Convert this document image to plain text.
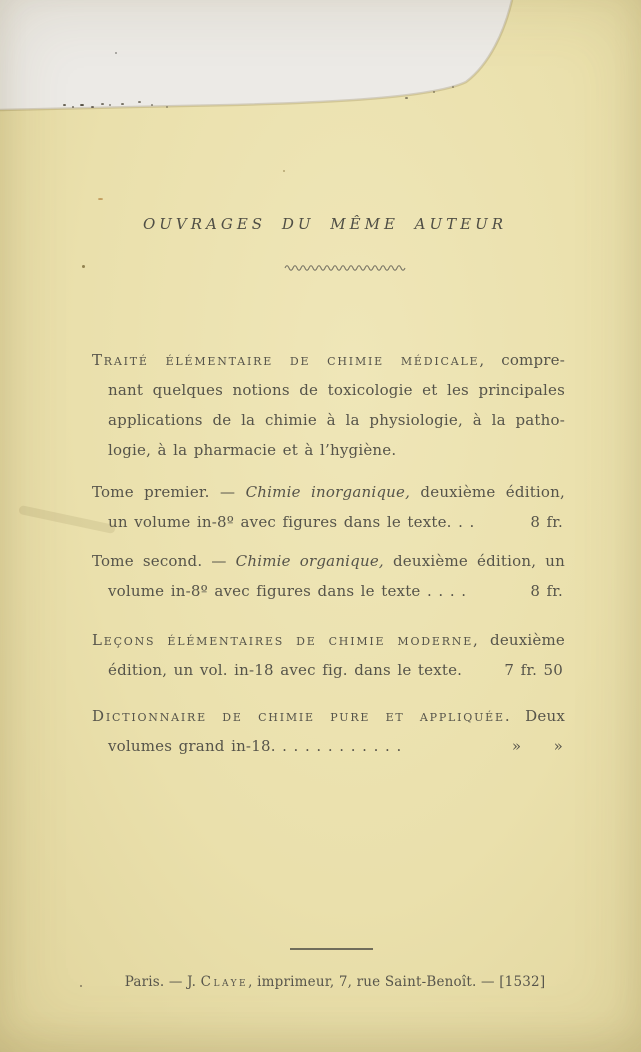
OUVRAGES DU MÊME AUTEUR
Traité élémentaire de chimie médicale, compre-
nant quelques notions de toxicologie et les principales
applications de la chimie à la physiologie, à la patho-
logie, à la pharmacie et à l’hygiène.
Tome premier. — Chimie inorganique, deuxième édition,
un volume in-8º avec figures dans le texte. . .	8 fr.
Tome second. — Chimie organique, deuxième édition, un
volume in-8º avec figures dans le texte . . . .	8 fr.
Leçons élémentaires de chimie moderne, deuxième
édition, un vol. in-18 avec fig. dans le texte.	7 fr. 50
Dictionnaire de chimie pure et appliquée. Deux
volumes grand in-18. . . . . . . . . . . .	»     »
Paris. — J. Claye, imprimeur, 7, rue Saint-Benoît. — [1532]
